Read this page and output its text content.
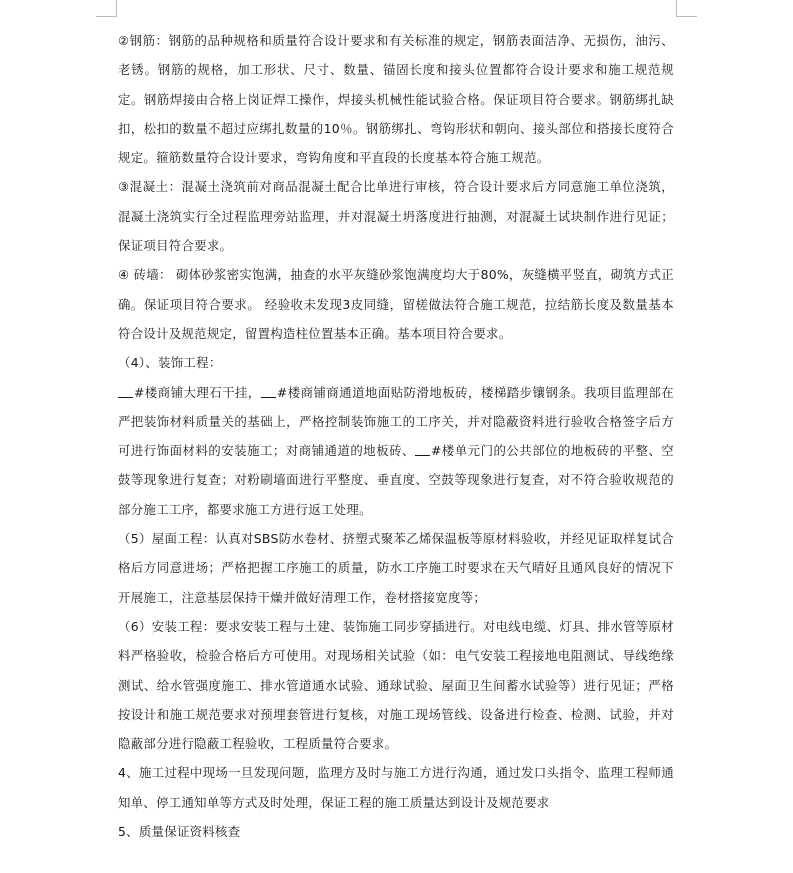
②钢筋：钢筋的品种规格和质量符合设计要求和有关标准的规定，钢筋表面洁净、无损伤，油污、老锈。钢筋的规格，加工形状、尺寸、数量、锚固长度和接头位置都符合设计要求和施工规范规定。钢筋焊接由合格上岗证焊工操作，焊接头机械性能试验合格。保证项目符合要求。钢筋绑扎缺扣，松扣的数量不超过应绑扎数量的10％。钢筋绑扎、弯钩形状和朝向、接头部位和搭接长度符合规定。箍筋数量符合设计要求，弯钩角度和平直段的长度基本符合施工规范。

③混凝土：混凝土浇筑前对商品混凝土配合比单进行审核，符合设计要求后方同意施工单位浇筑，混凝土浇筑实行全过程监理旁站监理，并对混凝土坍落度进行抽测，对混凝土试块制作进行见证；保证项目符合要求。

④ 砖墙： 砌体砂浆密实饱满，抽查的水平灰缝砂浆饱满度均大于80%，灰缝横平竖直，砌筑方式正确。保证项目符合要求。 经验收未发现3皮同缝，留槎做法符合施工规范，拉结筋长度及数量基本符合设计及规范规定，留置构造柱位置基本正确。基本项目符合要求。

（4）、装饰工程：

#楼商铺大理石干挂， #楼商铺商通道地面贴防滑地板砖，楼梯踏步镶钢条。我项目监理部在严把装饰材料质量关的基础上，严格控制装饰施工的工序关，并对隐蔽资料进行验收合格签字后方可进行饰面材料的安装施工；对商铺通道的地板砖、 #楼单元门的公共部位的地板砖的平整、空鼓等现象进行复查；对粉刷墙面进行平整度、垂直度、空鼓等现象进行复查，对不符合验收规范的部分施工工序，都要求施工方进行返工处理。

（5）屋面工程：认真对SBS防水卷材、挤塑式聚苯乙烯保温板等原材料验收，并经见证取样复试合格后方同意进场；严格把握工序施工的质量，防水工序施工时要求在天气晴好且通风良好的情况下开展施工，注意基层保持干燥并做好清理工作，卷材搭接宽度等；

（6）安装工程：要求安装工程与土建、装饰施工同步穿插进行。对电线电缆、灯具、排水管等原材料严格验收，检验合格后方可使用。对现场相关试验（如：电气安装工程接地电阻测试、导线绝缘测试、给水管强度施工、排水管道通水试验、通球试验、屋面卫生间蓄水试验等）进行见证；严格按设计和施工规范要求对预埋套管进行复核，对施工现场管线、设备进行检查、检测、试验，并对隐蔽部分进行隐蔽工程验收，工程质量符合要求。

4、施工过程中现场一旦发现问题，监理方及时与施工方进行沟通，通过发口头指令、监理工程师通知单、停工通知单等方式及时处理，保证工程的施工质量达到设计及规范要求

5、质量保证资料核查
